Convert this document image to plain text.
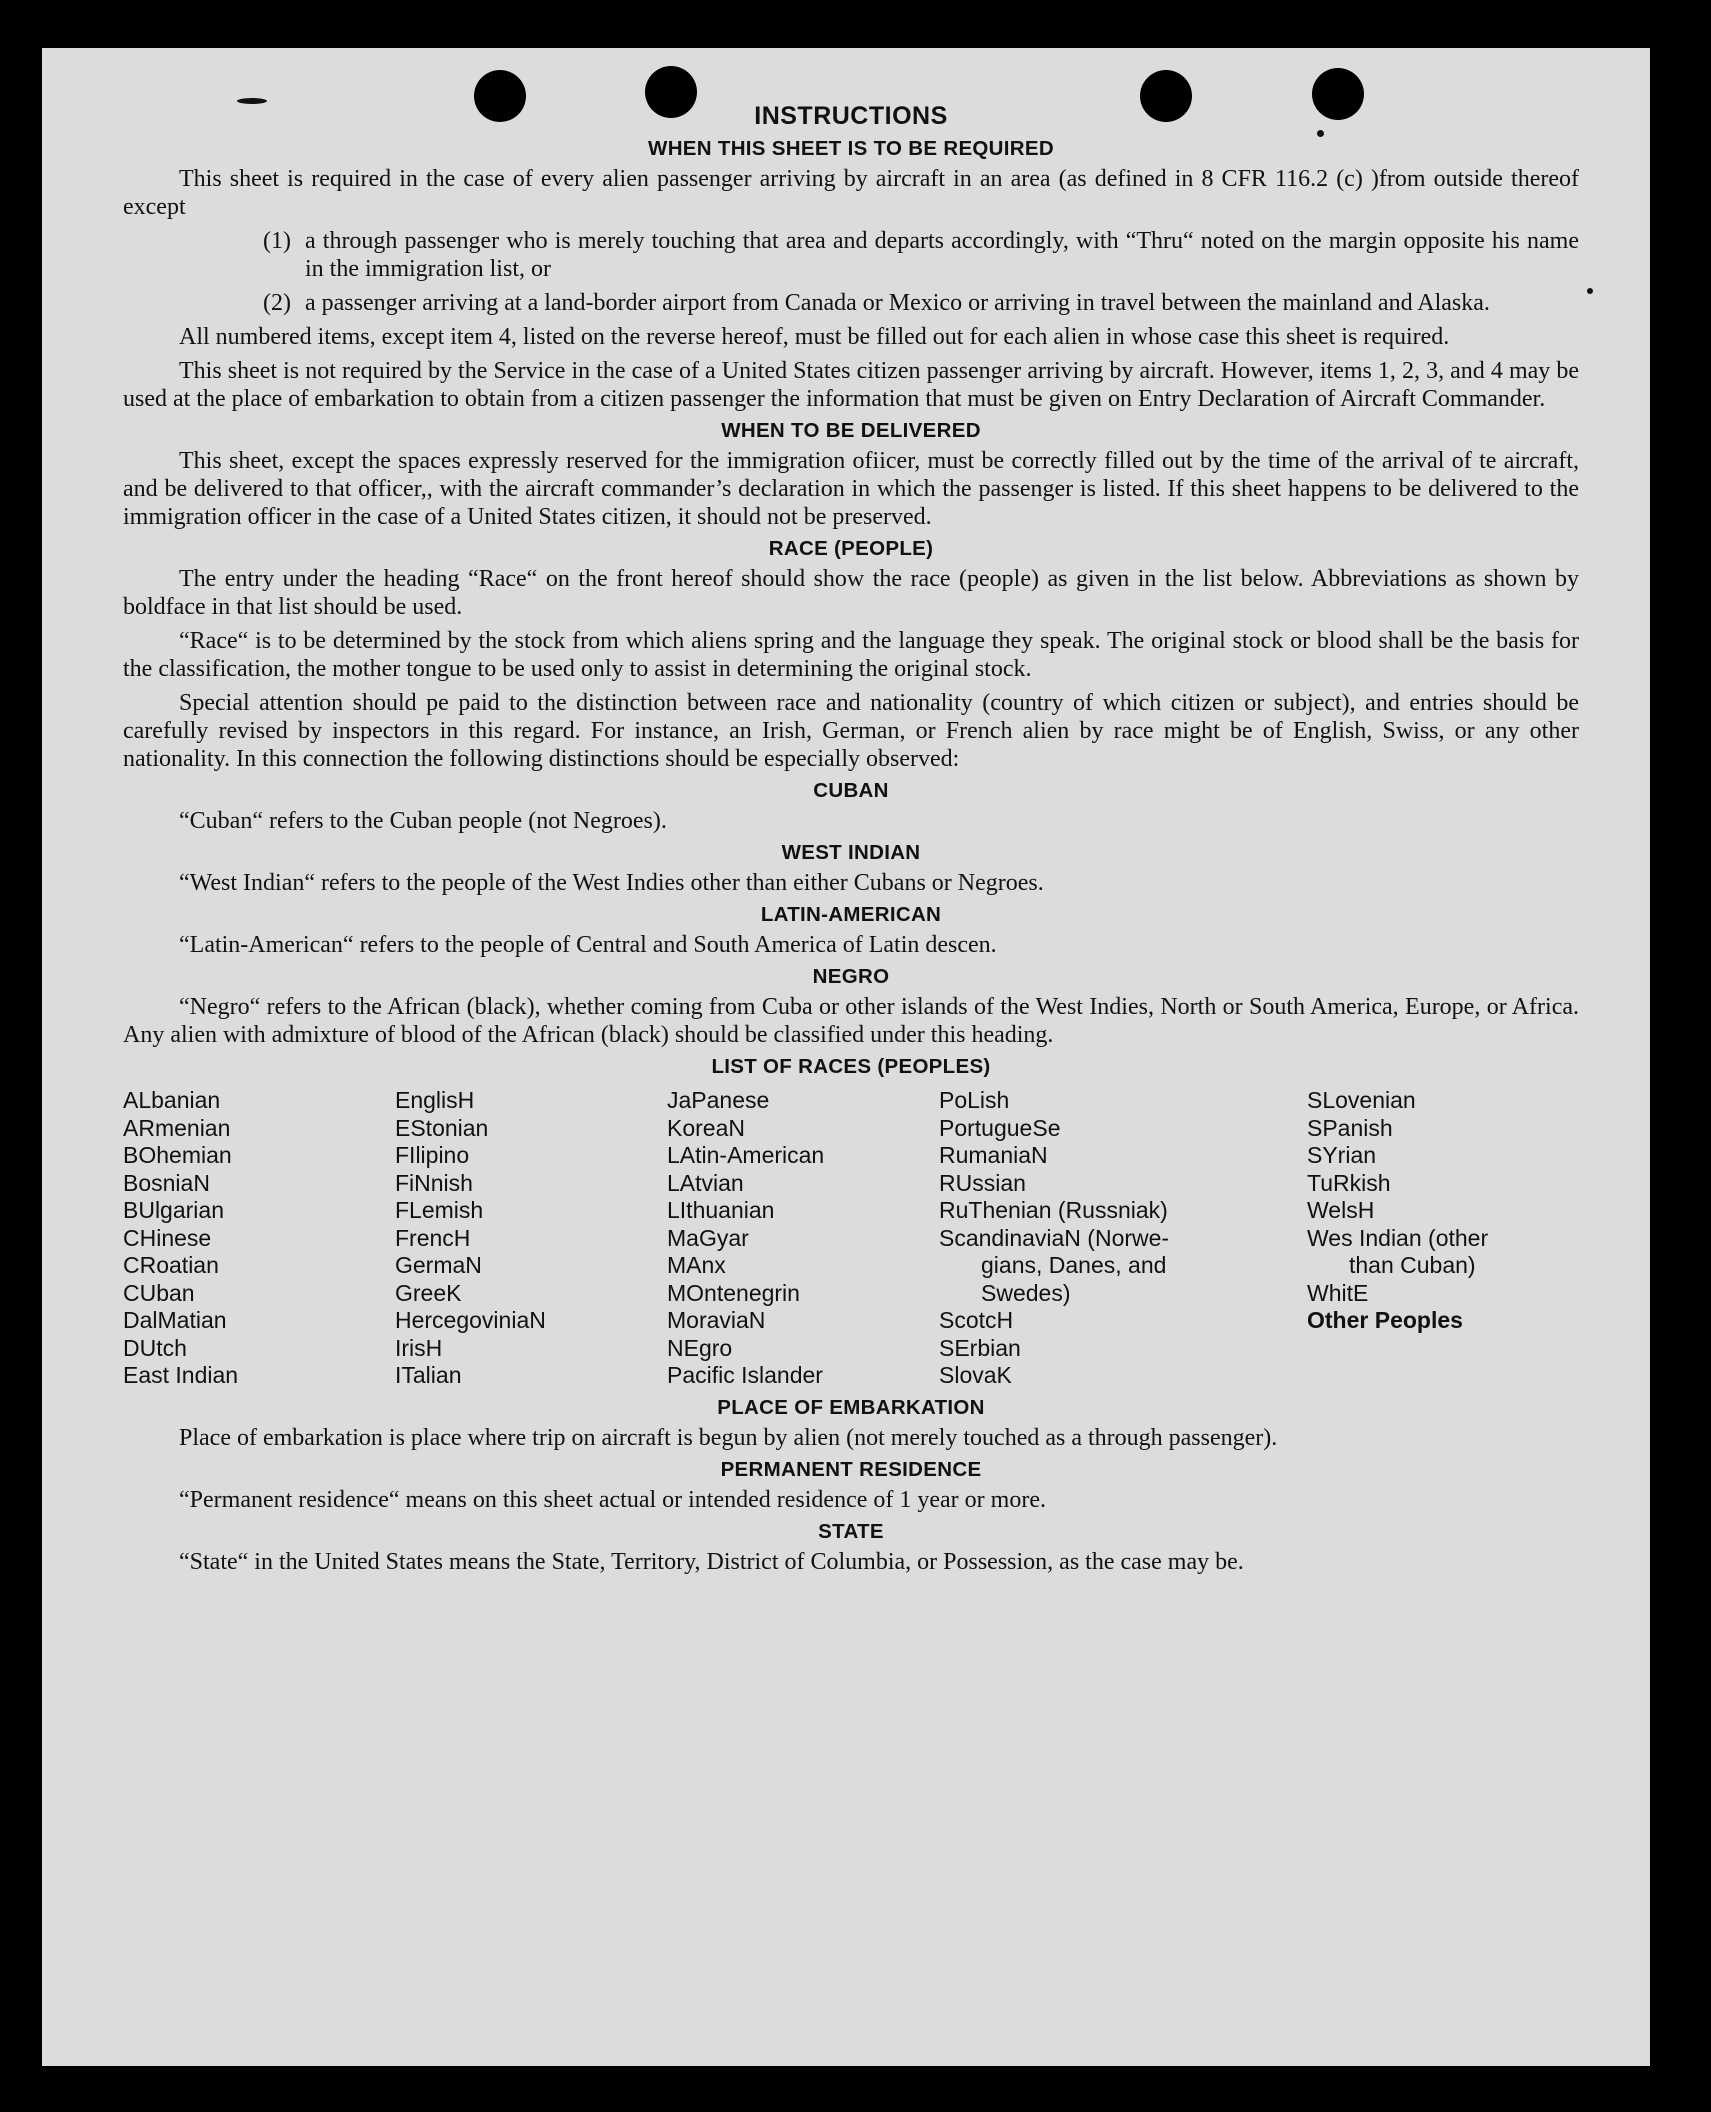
INSTRUCTIONS
WHEN THIS SHEET IS TO BE REQUIRED

This sheet is required in the case of every alien passenger arriving by aircraft in an area (as defined in 8 CFR 116.2 (c) )from outside thereof except

(1) a through passenger who is merely touching that area and departs accordingly, with “Thru“ noted on the margin opposite his name in the immigration list, or
(2) a passenger arriving at a land-border airport from Canada or Mexico or arriving in travel between the mainland and Alaska.

All numbered items, except item 4, listed on the reverse hereof, must be filled out for each alien in whose case this sheet is required.

This sheet is not required by the Service in the case of a United States citizen passenger arriving by aircraft. However, items 1, 2, 3, and 4 may be used at the place of embarkation to obtain from a citizen passenger the information that must be given on Entry Declaration of Aircraft Commander.

WHEN TO BE DELIVERED

This sheet, except the spaces expressly reserved for the immigration ofiicer, must be correctly filled out by the time of the arrival of te aircraft, and be delivered to that officer,, with the aircraft commander’s declaration in which the passenger is listed. If this sheet happens to be delivered to the immigration officer in the case of a United States citizen, it should not be preserved.

RACE (PEOPLE)

The entry under the heading “Race“ on the front hereof should show the race (people) as given in the list below. Abbreviations as shown by boldface in that list should be used.

“Race“ is to be determined by the stock from which aliens spring and the language they speak. The original stock or blood shall be the basis for the classification, the mother tongue to be used only to assist in determining the original stock.

Special attention should pe paid to the distinction between race and nationality (country of which citizen or subject), and entries should be carefully revised by inspectors in this regard. For instance, an Irish, German, or French alien by race might be of English, Swiss, or any other nationality. In this connection the following distinctions should be especially observed:

CUBAN

“Cuban“ refers to the Cuban people (not Negroes).

WEST INDIAN

“West Indian“ refers to the people of the West Indies other than either Cubans or Negroes.

LATIN-AMERICAN

“Latin-American“ refers to the people of Central and South America of Latin descen.

NEGRO

“Negro“ refers to the African (black), whether coming from Cuba or other islands of the West Indies, North or South America, Europe, or Africa. Any alien with admixture of blood of the African (black) should be classified under this heading.

LIST OF RACES (PEOPLES)
ALbanian
ARmenian
BOhemian
BosniaN
BUlgarian
CHinese
CRoatian
CUban
DalMatian
DUtch
East Indian
EnglisH
EStonian
FIlipino
FiNnish
FLemish
FrencH
GermaN
GreeK
HercegoviniaN
IrisH
ITalian
JaPanese
KoreaN
LAtin-American
LAtvian
LIthuanian
MaGyar
MAnx
MOntenegrin
MoraviaN
NEgro
Pacific Islander
PoLish
PortugueSe
RumaniaN
RUssian
RuThenian (Russniak)
ScandinaviaN (Norwe-
gians, Danes, and
Swedes)
ScotcH
SErbian
SlovaK
SLovenian
SPanish
SYrian
TuRkish
WelsH
Wes Indian (other
than Cuban)
WhitE
Other Peoples
PLACE OF EMBARKATION

Place of embarkation is place where trip on aircraft is begun by alien (not merely touched as a through passenger).

PERMANENT RESIDENCE

“Permanent residence“ means on this sheet actual or intended residence of 1 year or more.

STATE

“State“ in the United States means the State, Territory, District of Columbia, or Possession, as the case may be.
